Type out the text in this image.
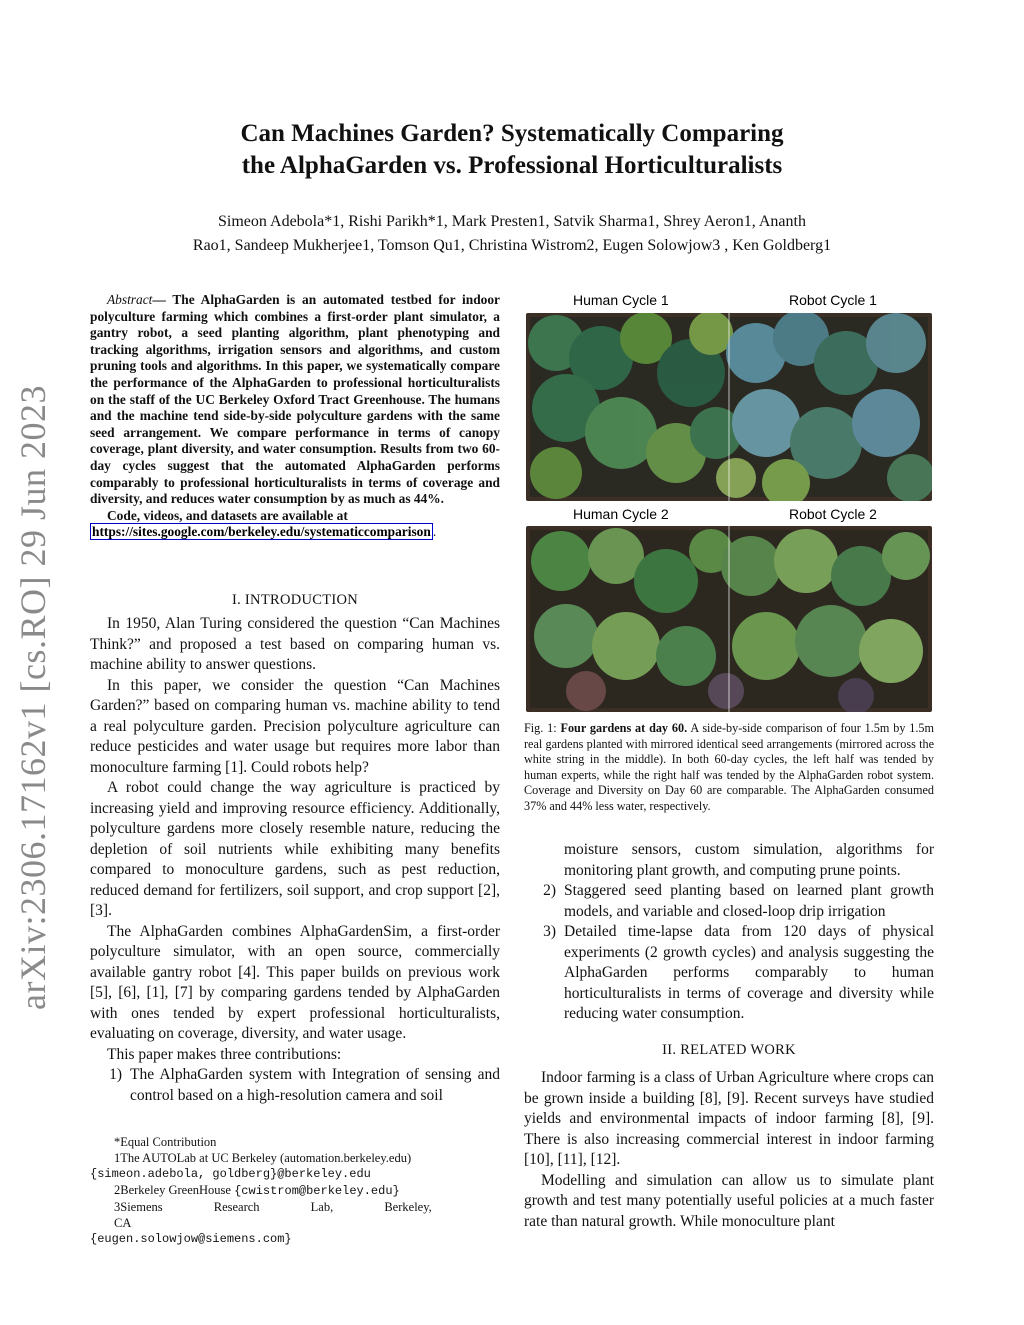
arXiv:2306.17162v1 [cs.RO] 29 Jun 2023
Can Machines Garden? Systematically Comparing
the AlphaGarden vs. Professional Horticulturalists
Simeon Adebola*1, Rishi Parikh*1, Mark Presten1, Satvik Sharma1, Shrey Aeron1, Ananth
Rao1, Sandeep Mukherjee1, Tomson Qu1, Christina Wistrom2, Eugen Solowjow3 , Ken Goldberg1

Abstract— The AlphaGarden is an automated testbed for indoor polyculture farming which combines a first-order plant simulator, a gantry robot, a seed planting algorithm, plant phenotyping and tracking algorithms, irrigation sensors and algorithms, and custom pruning tools and algorithms. In this paper, we systematically compare the performance of the AlphaGarden to professional horticulturalists on the staff of the UC Berkeley Oxford Tract Greenhouse. The humans and the machine tend side-by-side polyculture gardens with the same seed arrangement. We compare performance in terms of canopy coverage, plant diversity, and water consumption. Results from two 60-day cycles suggest that the automated AlphaGarden performs comparably to professional horticulturalists in terms of coverage and diversity, and reduces water consumption by as much as 44%.

Code, videos, and datasets are available at

https://sites.google.com/berkeley.edu/systematiccomparison .

I. INTRODUCTION

In 1950, Alan Turing considered the question “Can Machines Think?” and proposed a test based on comparing human vs. machine ability to answer questions.

In this paper, we consider the question “Can Machines Garden?” based on comparing human vs. machine ability to tend a real polyculture garden. Precision polyculture agriculture can reduce pesticides and water usage but requires more labor than monoculture farming [1]. Could robots help?

A robot could change the way agriculture is practiced by increasing yield and improving resource efficiency. Additionally, polyculture gardens more closely resemble nature, reducing the depletion of soil nutrients while exhibiting many benefits compared to monoculture gardens, such as pest reduction, reduced demand for fertilizers, soil support, and crop support [2], [3].

The AlphaGarden combines AlphaGardenSim, a first-order polyculture simulator, with an open source, commercially available gantry robot [4]. This paper builds on previous work [5], [6], [1], [7] by comparing gardens tended by AlphaGarden with ones tended by expert professional horticulturalists, evaluating on coverage, diversity, and water usage.

This paper makes three contributions:

1) The AlphaGarden system with Integration of sensing and control based on a high-resolution camera and soil
*Equal Contribution
1The AUTOLab at UC Berkeley (automation.berkeley.edu)
{simeon.adebola, goldberg}@berkeley.edu
2Berkeley GreenHouse {cwistrom@berkeley.edu}
3Siemens Research Lab, Berkeley, CA
{eugen.solowjow@siemens.com}
Human Cycle 1	Robot Cycle 1
Human Cycle 2	Robot Cycle 2
Fig. 1: Four gardens at day 60. A side-by-side comparison of four 1.5m by 1.5m real gardens planted with mirrored identical seed arrangements (mirrored across the white string in the middle). In both 60-day cycles, the left half was tended by human experts, while the right half was tended by the AlphaGarden robot system. Coverage and Diversity on Day 60 are comparable. The AlphaGarden consumed 37% and 44% less water, respectively.
moisture sensors, custom simulation, algorithms for monitoring plant growth, and computing prune points.
2) Staggered seed planting based on learned plant growth models, and variable and closed-loop drip irrigation
3) Detailed time-lapse data from 120 days of physical experiments (2 growth cycles) and analysis suggesting the AlphaGarden performs comparably to human horticulturalists in terms of coverage and diversity while reducing water consumption.
II. RELATED WORK

Indoor farming is a class of Urban Agriculture where crops can be grown inside a building [8], [9]. Recent surveys have studied yields and environmental impacts of indoor farming [8], [9]. There is also increasing commercial interest in indoor farming [10], [11], [12].

Modelling and simulation can allow us to simulate plant growth and test many potentially useful policies at a much faster rate than natural growth. While monoculture plant
